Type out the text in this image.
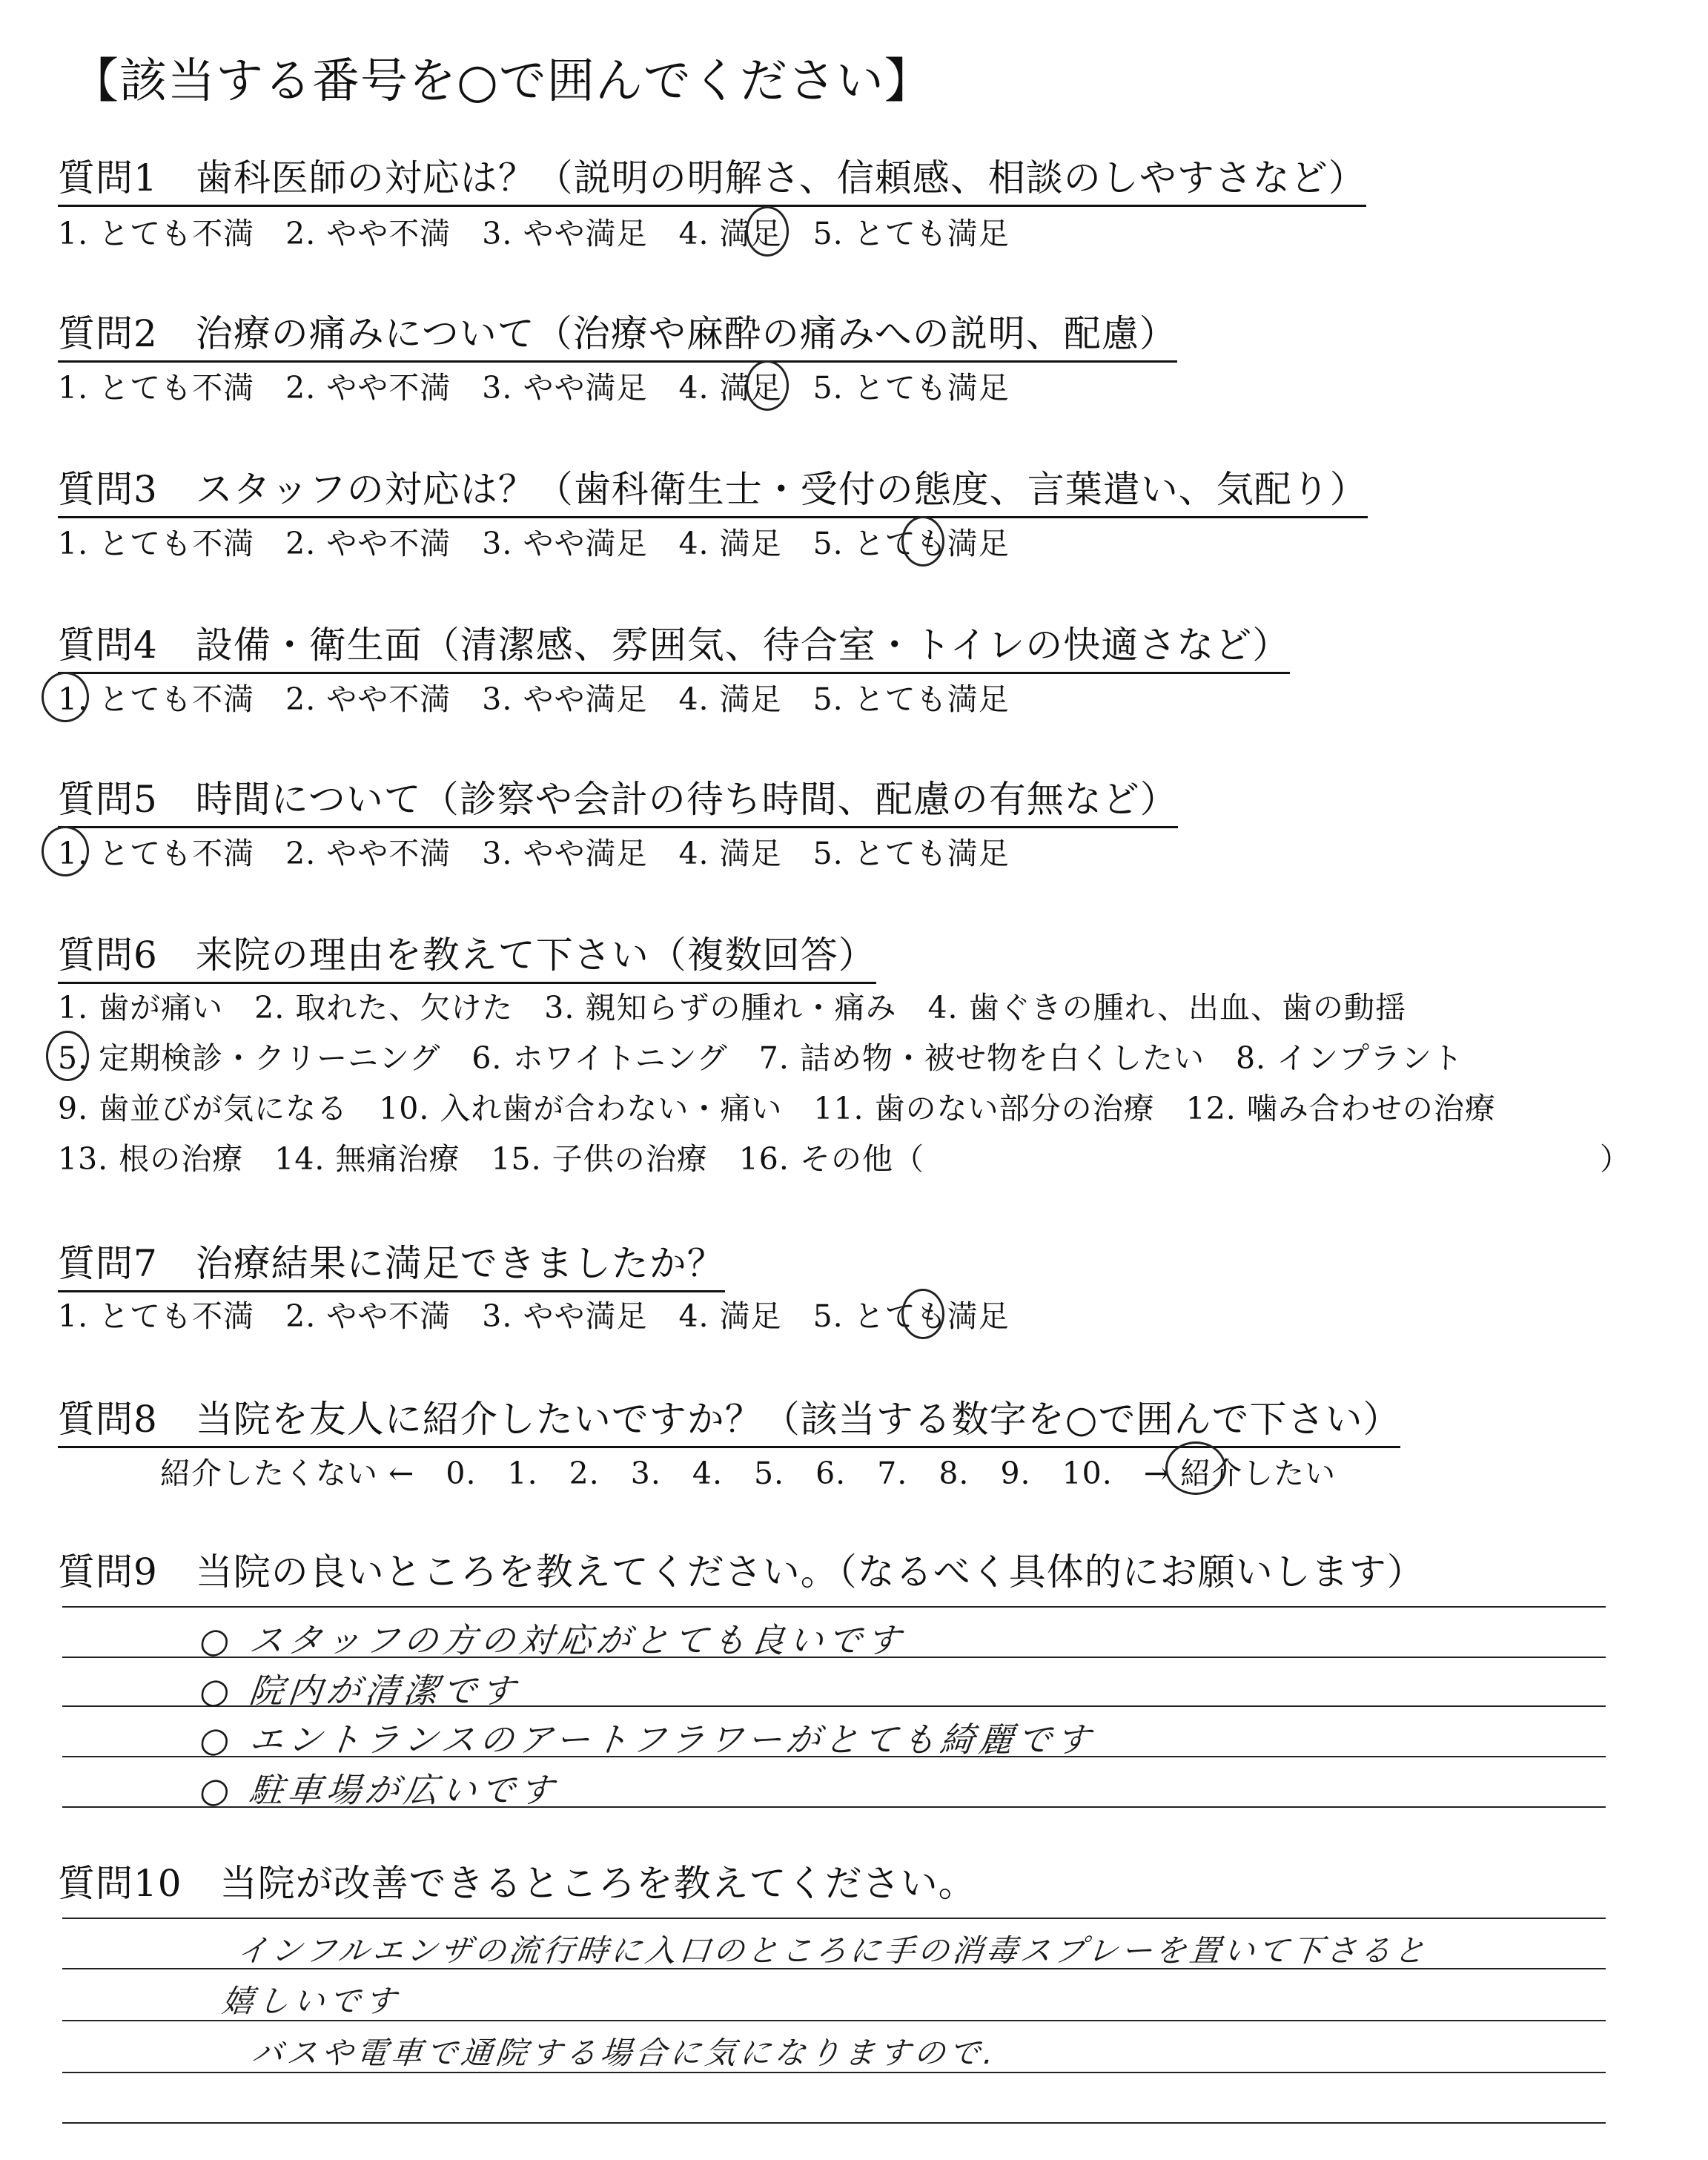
【該当する番号を○で囲んでください】
質問1　歯科医師の対応は？（説明の明解さ、信頼感、相談のしやすさなど）
1. とても不満　2. やや不満　3. やや満足　4. 満足　5. とても満足
質問2　治療の痛みについて（治療や麻酔の痛みへの説明、配慮）
1. とても不満　2. やや不満　3. やや満足　4. 満足　5. とても満足
質問3　スタッフの対応は？（歯科衛生士・受付の態度、言葉遣い、気配り）
1. とても不満　2. やや不満　3. やや満足　4. 満足　5. とても満足
質問4　設備・衛生面（清潔感、雰囲気、待合室・トイレの快適さなど）
1. とても不満　2. やや不満　3. やや満足　4. 満足　5. とても満足
質問5　時間について（診察や会計の待ち時間、配慮の有無など）
1. とても不満　2. やや不満　3. やや満足　4. 満足　5. とても満足
質問6　来院の理由を教えて下さい（複数回答）
1. 歯が痛い　2. 取れた、欠けた　3. 親知らずの腫れ・痛み　4. 歯ぐきの腫れ、出血、歯の動揺
5. 定期検診・クリーニング　6. ホワイトニング　7. 詰め物・被せ物を白くしたい　8. インプラント
9. 歯並びが気になる　10. 入れ歯が合わない・痛い　11. 歯のない部分の治療　12. 噛み合わせの治療
13. 根の治療　14. 無痛治療　15. 子供の治療　16. その他（	）
質問7　治療結果に満足できましたか？
1. とても不満　2. やや不満　3. やや満足　4. 満足　5. とても満足
質問8　当院を友人に紹介したいですか？（該当する数字を○で囲んで下さい）
紹介したくない ←　0.　1.　2.　3.　4.　5.　6.　7.　8.　9.　10.　→ 紹介したい
質問9　当院の良いところを教えてください。（なるべく具体的にお願いします）
○ スタッフの方の対応がとても良いです
○ 院内が清潔です
○ エントランスのアートフラワーがとても綺麗です
○ 駐車場が広いです
質問10　当院が改善できるところを教えてください。
インフルエンザの流行時に入口のところに手の消毒スプレーを置いて下さると
嬉しいです
バスや電車で通院する場合に気になりますので.
